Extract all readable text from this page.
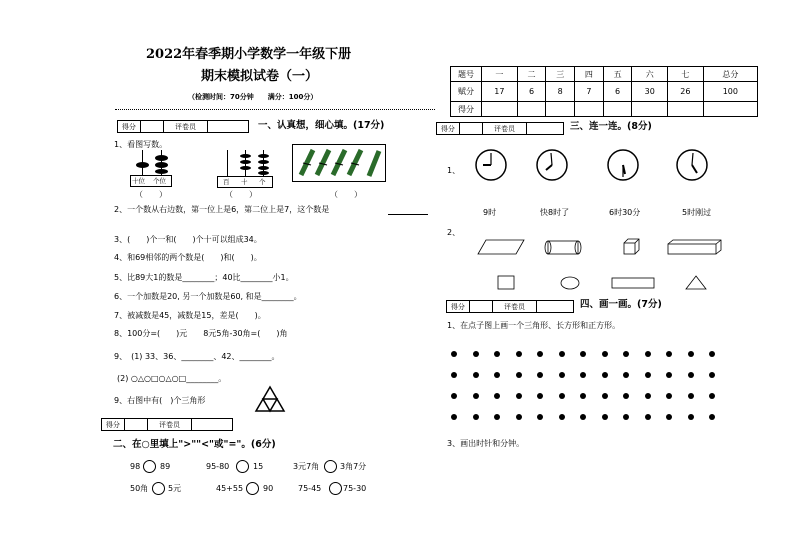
2022年春季期小学数学一年级下册
期末模拟试卷（一）
（检测时间：70分钟　　满分：100分）
得分		评卷员		一、认真想，细心填。(17分)
1、看图写数。
十位 个位
（　　）
百 十 个
（　　）	（　　）
2、一个数从右边数，第一位上是6，第二位上是7，这个数是
3、(　　)个一和(　　)个十可以组成34。
4、和69相邻的两个数是(　　)和(　　)。
5、比89大1的数是________；40比________小1。
6、一个加数是20, 另一个加数是60, 和是________。
7、被减数是45，减数是15，差是(　　)。
8、100分=(　　)元　　8元5角-30角=(　　)角
9、　(1) 33、36、________、42、________。
(2) ○△○□○△○□________。
9、右图中有(　)个三角形
得分		评卷员	
二、在○里填上">""<"或"="。(6分)
98 89	95-80	15	3元7角	3角7分
50角 5元	45+55 90	75-45	75-30
题号	一	二	三	四	五	六	七	总分
赋分	17	6	8	7	6	30	26	100
得分								
得分		评卷员		三、连一连。(8分)
1、
9时	快8时了	6时30分	5时刚过
2、
得分		评卷员		四、画一画。(7分)
1、在点子图上画一个三角形、长方形和正方形。
3、画出时针和分钟。
